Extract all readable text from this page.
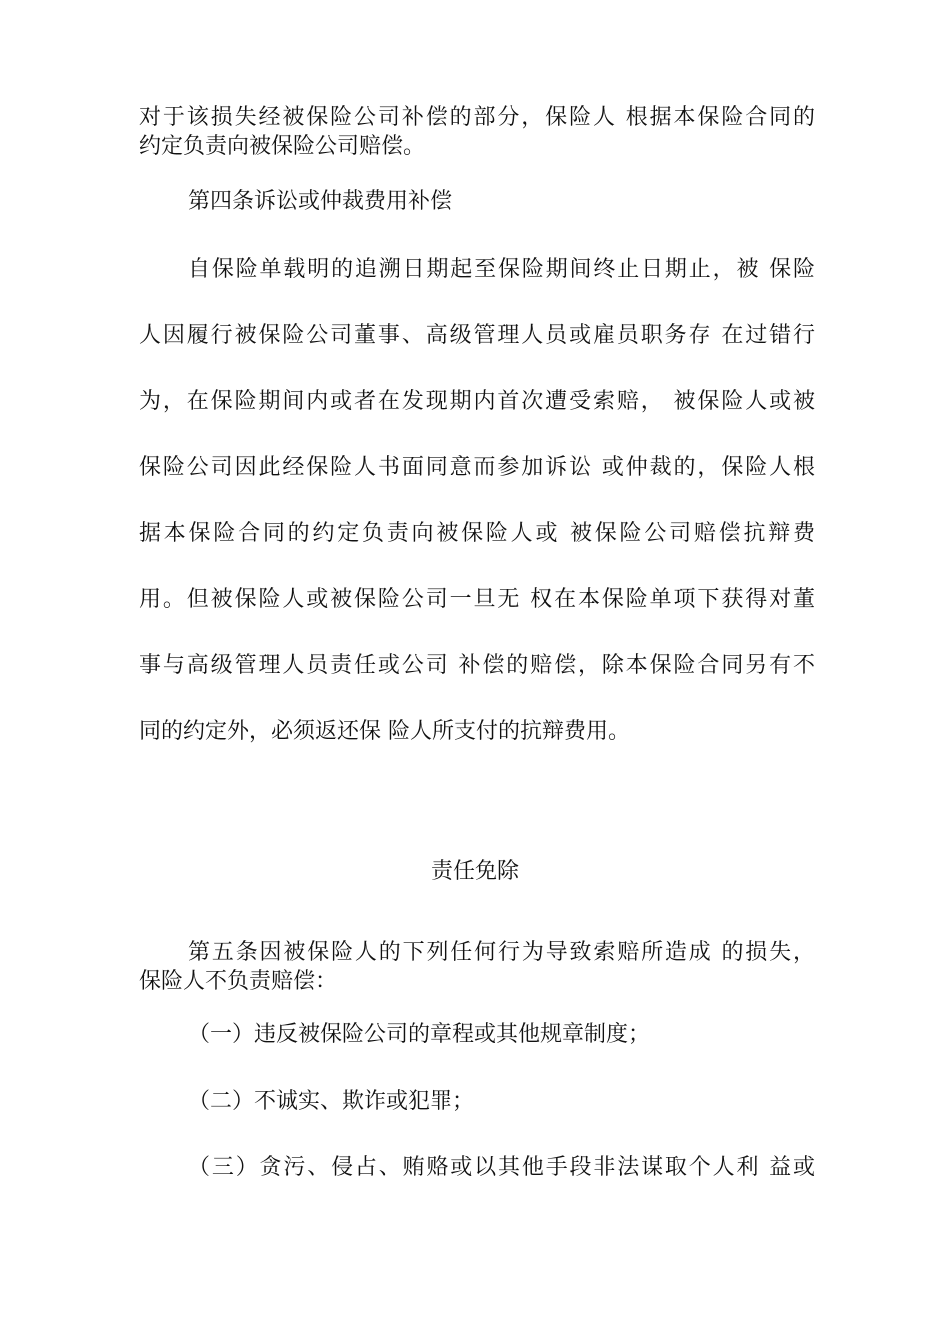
对于该损失经被保险公司补偿的部分，保险人 根据本保险合同的
约定负责向被保险公司赔偿。
第四条诉讼或仲裁费用补偿
自保险单载明的追溯日期起至保险期间终止日期止，被 保险
人因履行被保险公司董事、高级管理人员或雇员职务存 在过错行
为，在保险期间内或者在发现期内首次遭受索赔， 被保险人或被
保险公司因此经保险人书面同意而参加诉讼 或仲裁的，保险人根
据本保险合同的约定负责向被保险人或 被保险公司赔偿抗辩费
用。但被保险人或被保险公司一旦无 权在本保险单项下获得对董
事与高级管理人员责任或公司 补偿的赔偿，除本保险合同另有不
同的约定外，必须返还保 险人所支付的抗辩费用。
责任免除
第五条因被保险人的下列任何行为导致索赔所造成 的损失，
保险人不负责赔偿：
（一）违反被保险公司的章程或其他规章制度；
（二）不诚实、欺诈或犯罪；
（三）贪污、侵占、贿赂或以其他手段非法谋取个人利 益或
